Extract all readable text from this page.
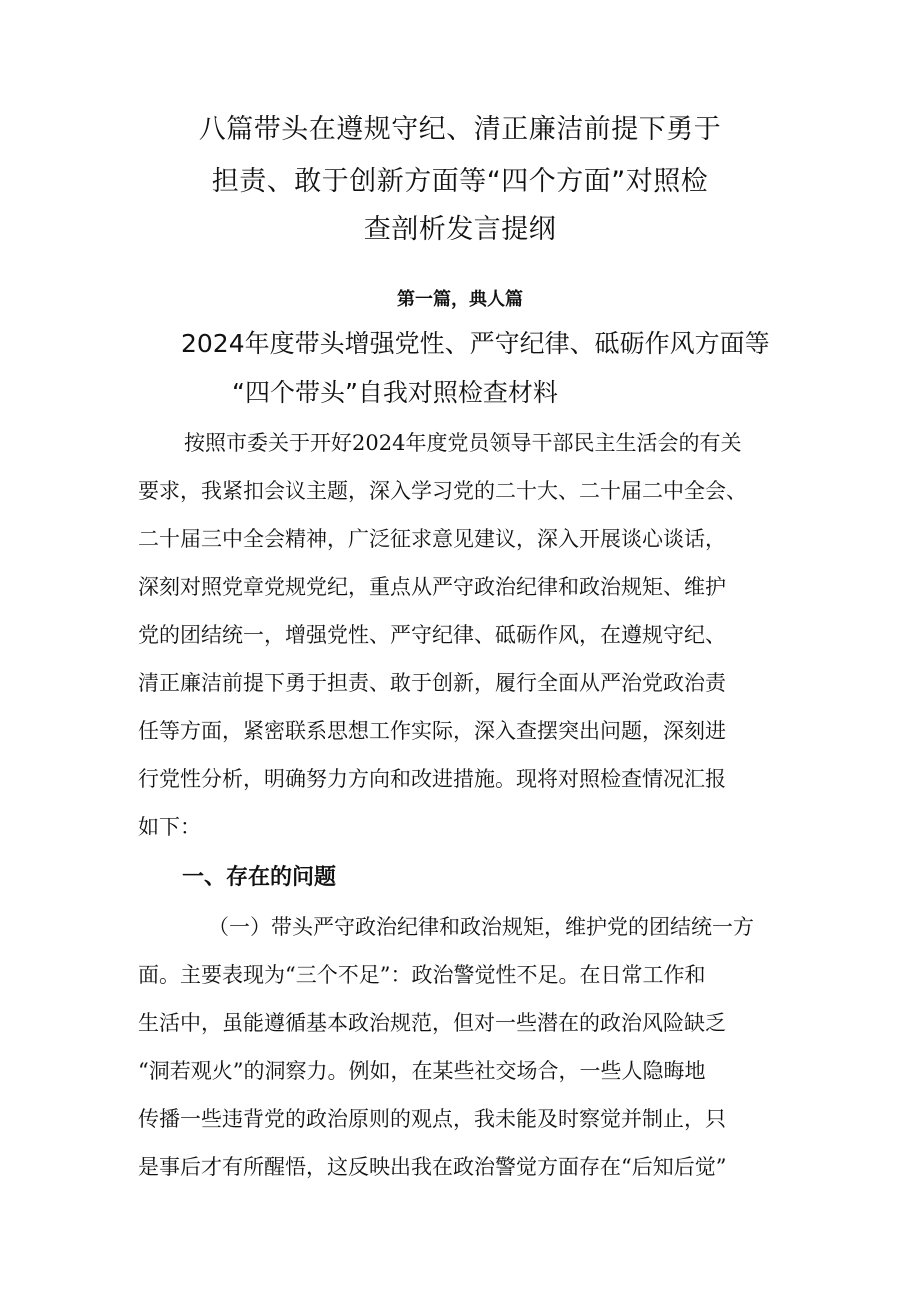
八篇带头在遵规守纪、清正廉洁前提下勇于
担责、敢于创新方面等“四个方面”对照检
查剖析发言提纲
第一篇，典人篇
2024年度带头增强党性、严守纪律、砥砺作风方面等
“四个带头”自我对照检查材料
按照市委关于开好2024年度党员领导干部民主生活会的有关
要求，我紧扣会议主题，深入学习党的二十大、二十届二中全会、
二十届三中全会精神，广泛征求意见建议，深入开展谈心谈话，
深刻对照党章党规党纪，重点从严守政治纪律和政治规矩、维护
党的团结统一，增强党性、严守纪律、砥砺作风，在遵规守纪、
清正廉洁前提下勇于担责、敢于创新，履行全面从严治党政治责
任等方面，紧密联系思想工作实际，深入查摆突出问题，深刻进
行党性分析，明确努力方向和改进措施。现将对照检查情况汇报
如下：
一、存在的问题
（一）带头严守政治纪律和政治规矩，维护党的团结统一方
面。主要表现为“三个不足”：政治警觉性不足。在日常工作和
生活中，虽能遵循基本政治规范，但对一些潜在的政治风险缺乏
“洞若观火”的洞察力。例如，在某些社交场合，一些人隐晦地
传播一些违背党的政治原则的观点，我未能及时察觉并制止，只
是事后才有所醒悟，这反映出我在政治警觉方面存在“后知后觉”
